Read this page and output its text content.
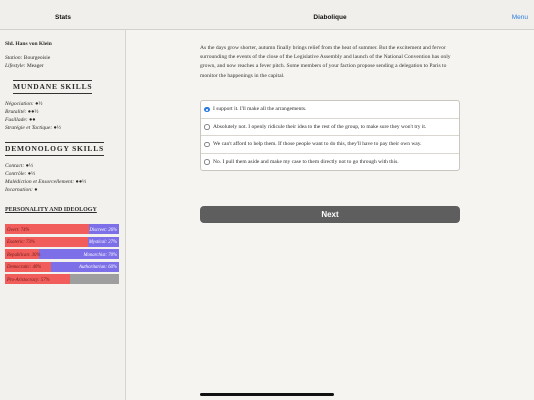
Stats
Sld. Hans von Klein
Station: Bourgeoisie
Lifestyle: Meager
MUNDANE SKILLS
Négociation: ●½
Brutalité: ●●½
Fusillade: ●●
Stratégie et Tactique: ●½
DEMONOLOGY SKILLS
Contact: ●½
Contrôle: ●½
Malédiction et Ensorcellement: ●●½
Incarnation: ●
PERSONALITY AND IDEOLOGY
Overt: 74%	Discreet: 26%
Exoteric: 73%	Mystical: 27%
Republican: 30%	Monarchist: 70%
Democratic: 40%	Authoritarian: 60%
Pro-Aristocracy: 57%
Diabolique	Menu
As the days grow shorter, autumn finally brings relief from the heat of summer. But the excitement and fervor surrounding the events of the close of the Legislative Assembly and launch of the National Convention has only grown, and now reaches a fever pitch. Some members of your faction propose sending a delegation to Paris to monitor the happenings in the capital.
I support it. I'll make all the arrangements.
Absolutely not. I openly ridicule their idea to the rest of the group, to make sure they won't try it.
We can't afford to help them. If those people want to do this, they'll have to pay their own way.
No. I pull them aside and make my case to them directly not to go through with this.
Next
